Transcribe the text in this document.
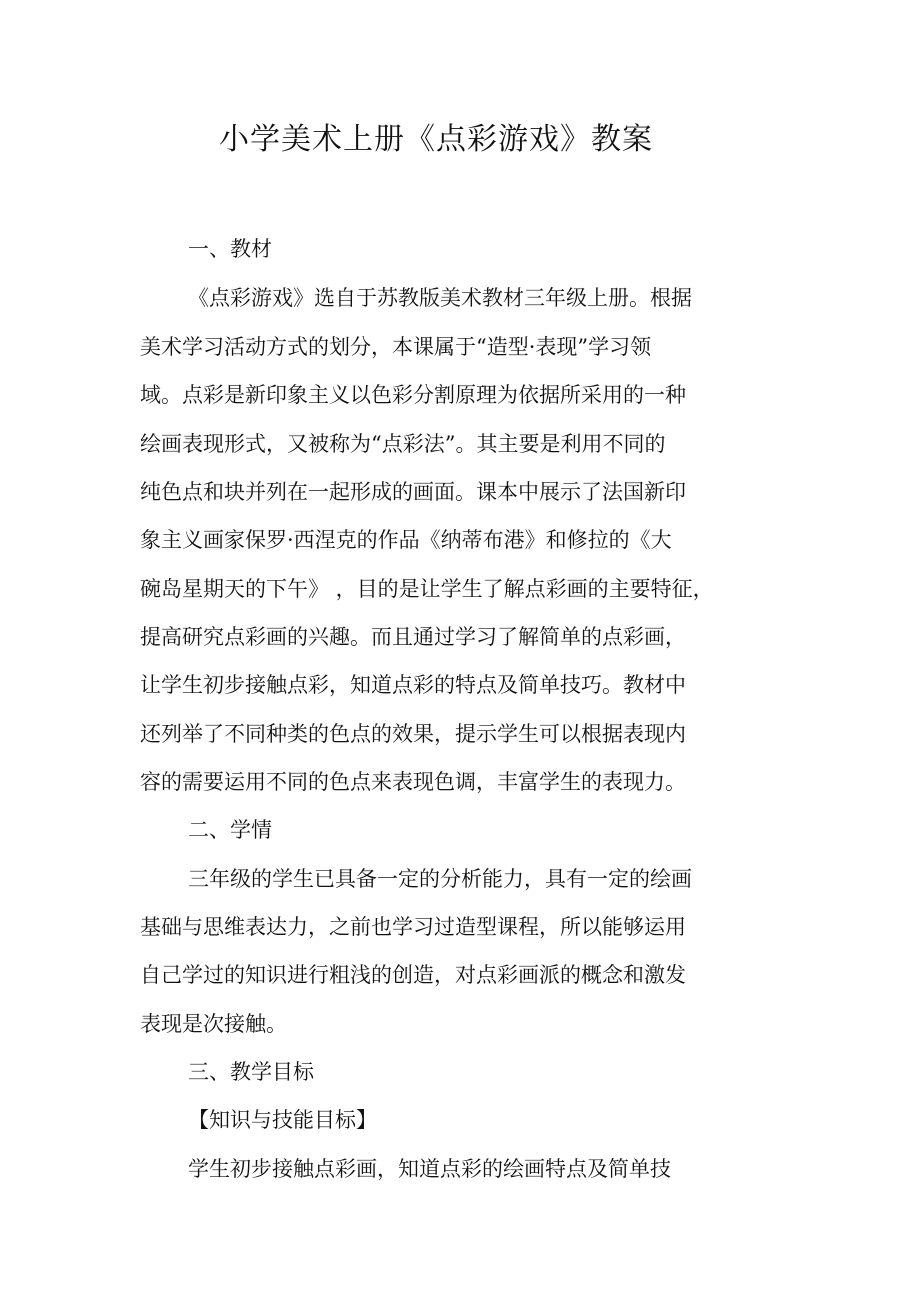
小学美术上册《点彩游戏》教案
一、教材
《点彩游戏》选自于苏教版美术教材三年级上册。根据
美术学习活动方式的划分，本课属于“造型·表现”学习领
域。点彩是新印象主义以色彩分割原理为依据所采用的一种
绘画表现形式，又被称为“点彩法”。其主要是利用不同的
纯色点和块并列在一起形成的画面。课本中展示了法国新印
象主义画家保罗·西涅克的作品《纳蒂布港》和修拉的《大
碗岛星期天的下午》 ，目的是让学生了解点彩画的主要特征，
提高研究点彩画的兴趣。而且通过学习了解简单的点彩画，
让学生初步接触点彩，知道点彩的特点及简单技巧。教材中
还列举了不同种类的色点的效果，提示学生可以根据表现内
容的需要运用不同的色点来表现色调，丰富学生的表现力。
二、学情
三年级的学生已具备一定的分析能力，具有一定的绘画
基础与思维表达力，之前也学习过造型课程，所以能够运用
自己学过的知识进行粗浅的创造，对点彩画派的概念和激发
表现是次接触。
三、教学目标
【知识与技能目标】
学生初步接触点彩画，知道点彩的绘画特点及简单技
